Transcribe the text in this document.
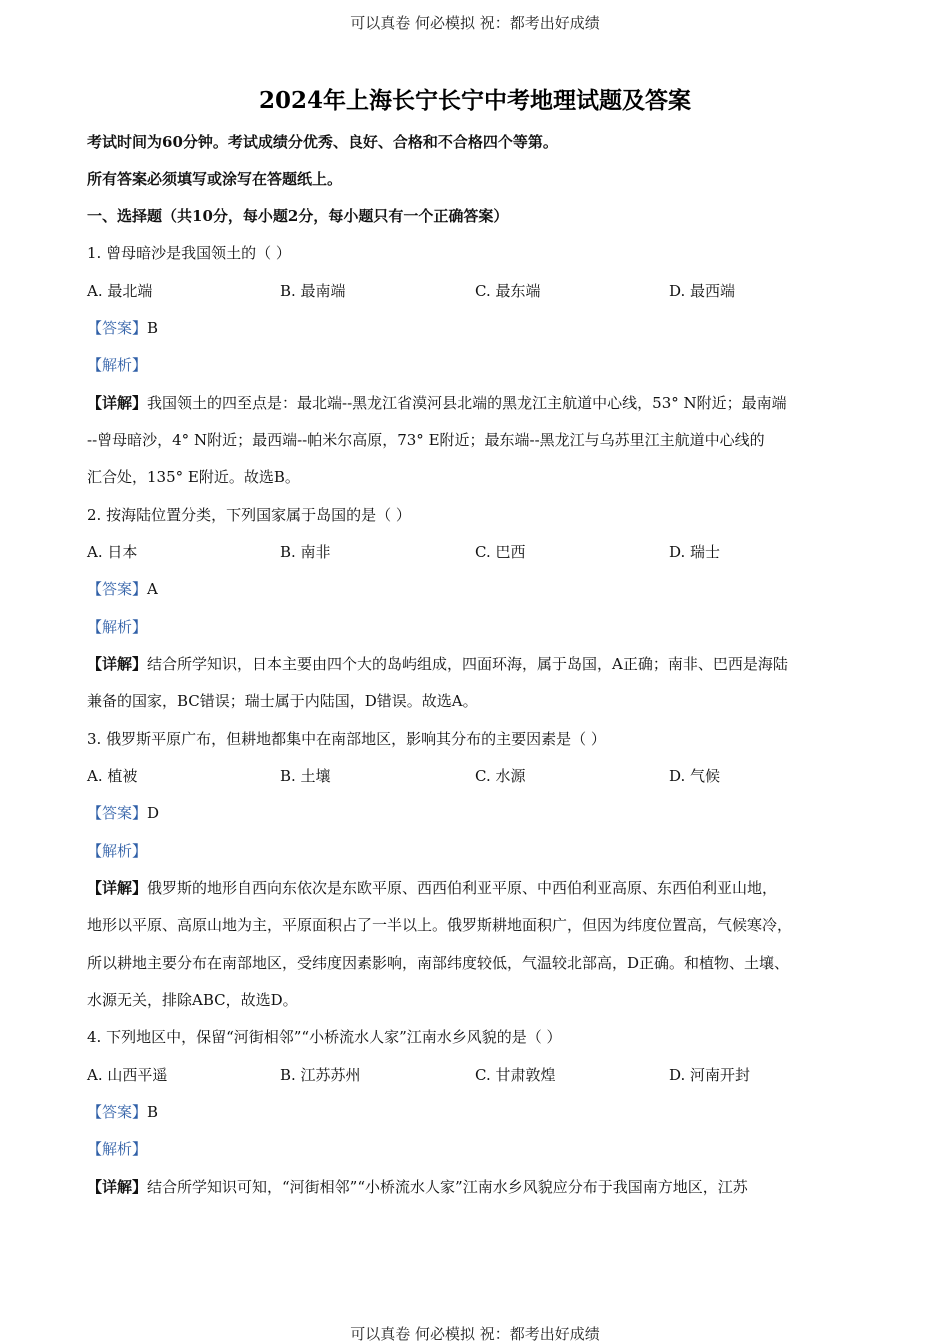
可以真卷 何必模拟 祝：都考出好成绩
2024年上海长宁长宁中考地理试题及答案
考试时间为60分钟。考试成绩分优秀、良好、合格和不合格四个等第。
所有答案必须填写或涂写在答题纸上。
一、选择题（共10分，每小题2分，每小题只有一个正确答案）
1. 曾母暗沙是我国领土的（ ）
A. 最北端	B. 最南端	C. 最东端	D. 最西端
【答案】B
【解析】
【详解】我国领土的四至点是：最北端--黑龙江省漠河县北端的黑龙江主航道中心线，53° N附近；最南端
--曾母暗沙，4° N附近；最西端--帕米尔高原，73° E附近；最东端--黑龙江与乌苏里江主航道中心线的
汇合处，135° E附近。故选B。
2. 按海陆位置分类，下列国家属于岛国的是（ ）
A. 日本	B. 南非	C. 巴西	D. 瑞士
【答案】A
【解析】
【详解】结合所学知识，日本主要由四个大的岛屿组成，四面环海，属于岛国，A正确；南非、巴西是海陆
兼备的国家，BC错误；瑞士属于内陆国，D错误。故选A。
3. 俄罗斯平原广布，但耕地都集中在南部地区，影响其分布的主要因素是（ ）
A. 植被	B. 土壤	C. 水源	D. 气候
【答案】D
【解析】
【详解】俄罗斯的地形自西向东依次是东欧平原、西西伯利亚平原、中西伯利亚高原、东西伯利亚山地，
地形以平原、高原山地为主，平原面积占了一半以上。俄罗斯耕地面积广，但因为纬度位置高，气候寒冷，
所以耕地主要分布在南部地区，受纬度因素影响，南部纬度较低，气温较北部高，D正确。和植物、土壤、
水源无关，排除ABC，故选D。
4. 下列地区中，保留“河街相邻”“小桥流水人家”江南水乡风貌的是（ ）
A. 山西平遥	B. 江苏苏州	C. 甘肃敦煌	D. 河南开封
【答案】B
【解析】
【详解】结合所学知识可知，“河街相邻”“小桥流水人家”江南水乡风貌应分布于我国南方地区，江苏
可以真卷 何必模拟 祝：都考出好成绩
